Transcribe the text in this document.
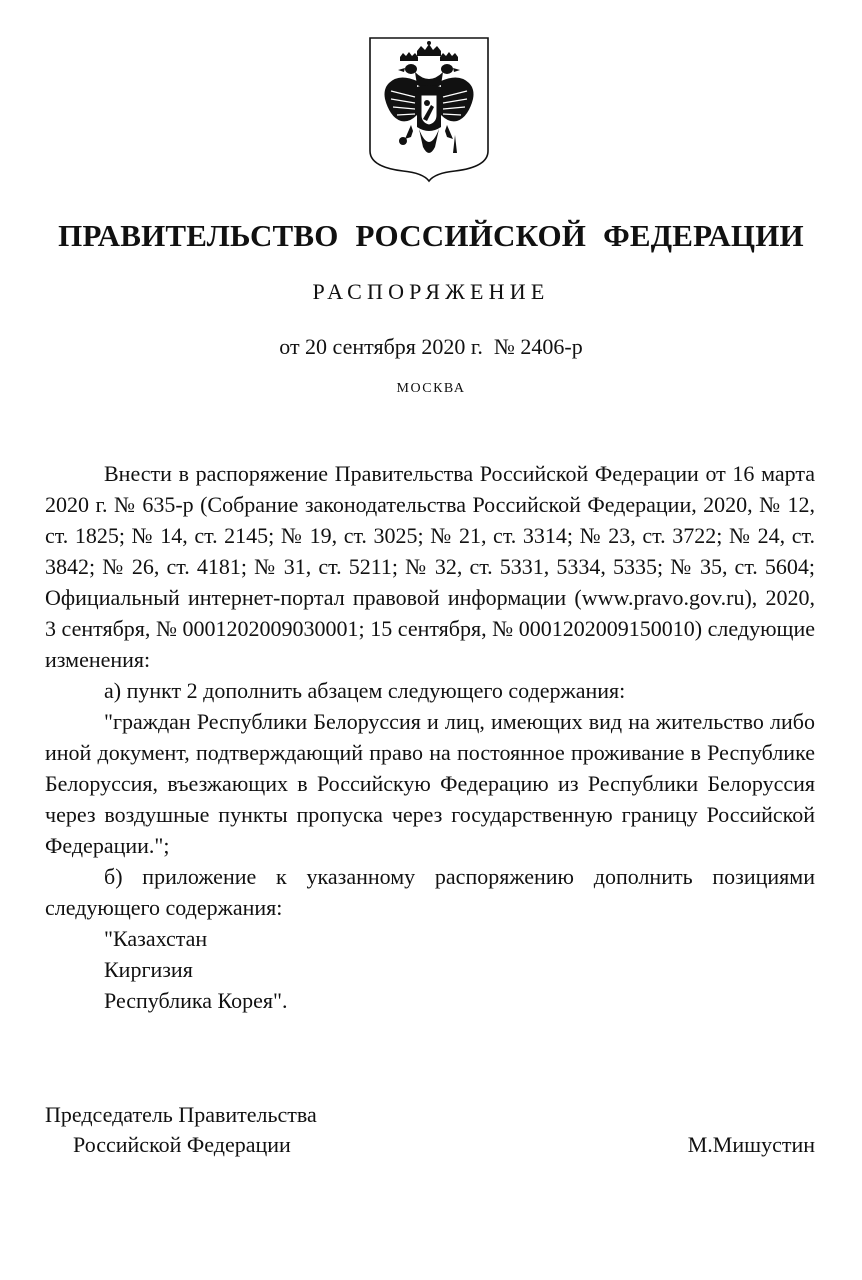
ПРАВИТЕЛЬСТВО РОССИЙСКОЙ ФЕДЕРАЦИИ
РАСПОРЯЖЕНИЕ
от 20 сентября 2020 г.  № 2406-р
МОСКВА

Внести в распоряжение Правительства Российской Федерации от 16 марта 2020 г. № 635-р (Собрание законодательства Российской Федерации, 2020, № 12, ст. 1825; № 14, ст. 2145; № 19, ст. 3025; № 21, ст. 3314; № 23, ст. 3722; № 24, ст. 3842; № 26, ст. 4181; № 31, ст. 5211; № 32, ст. 5331, 5334, 5335; № 35, ст. 5604; Официальный интернет-портал правовой информации (www.pravo.gov.ru), 2020, 3 сентября, № 0001202009030001; 15 сентября, № 0001202009150010) следующие изменения:

а) пункт 2 дополнить абзацем следующего содержания:

"граждан Республики Белоруссия и лиц, имеющих вид на жительство либо иной документ, подтверждающий право на постоянное проживание в Республике Белоруссия, въезжающих в Российскую Федерацию из Республики Белоруссия через воздушные пункты пропуска через государственную границу Российской Федерации.";

б) приложение к указанному распоряжению дополнить позициями следующего содержания:

"Казахстан
Киргизия
Республика Корея".
Председатель Правительства
Российской Федерации	М.Мишустин
